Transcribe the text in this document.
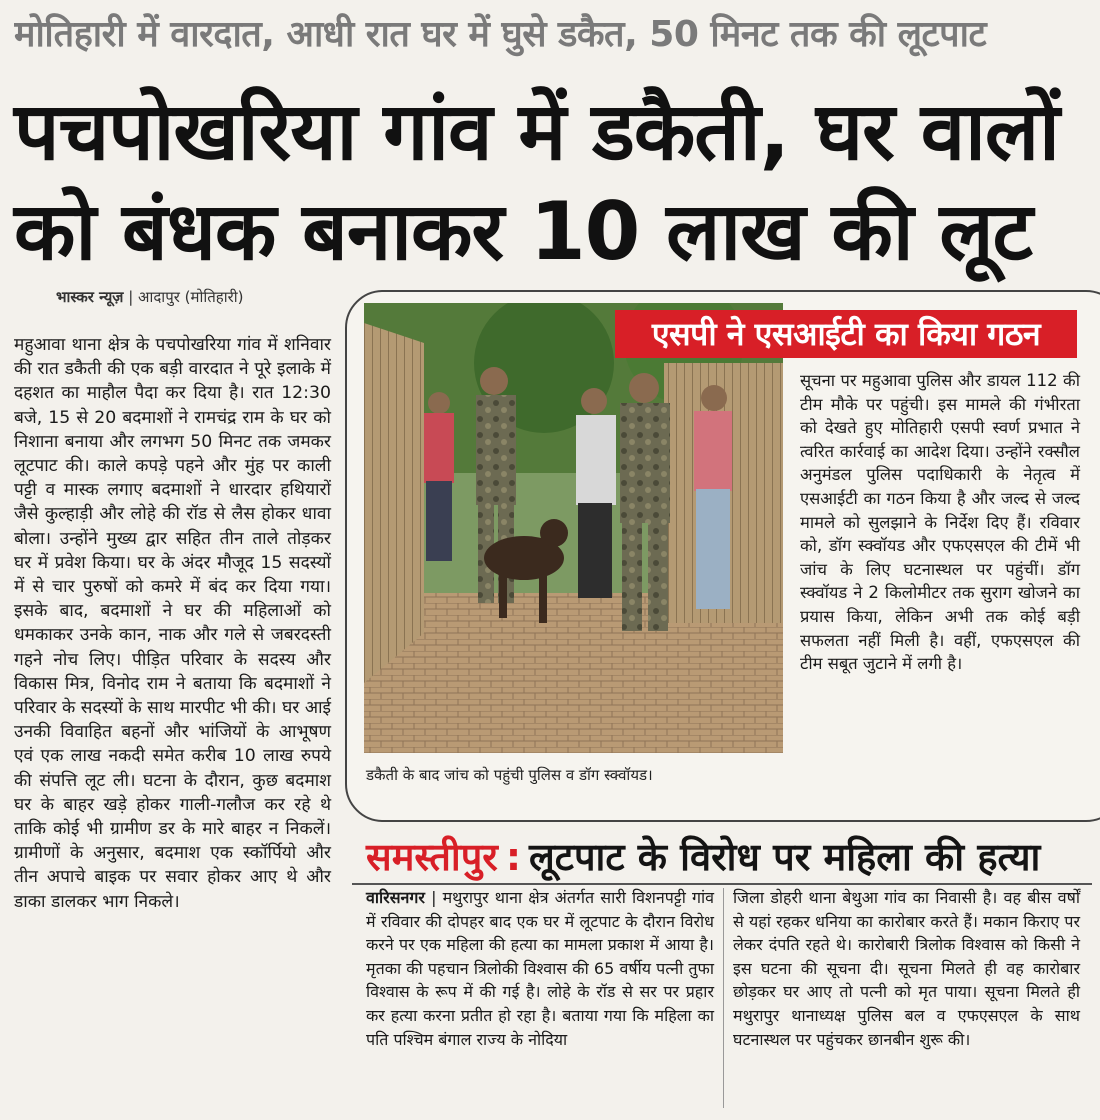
मोतिहारी में वारदात, आधी रात घर में घुसे डकैत, 50 मिनट तक की लूटपाट
पचपोखरिया गांव में डकैती, घर वालों को बंधक बनाकर 10 लाख की लूट
भास्कर न्यूज़ | आदापुर (मोतिहारी)
महुआवा थाना क्षेत्र के पचपोखरिया गांव में शनिवार की रात डकैती की एक बड़ी वारदात ने पूरे इलाके में दहशत का माहौल पैदा कर दिया है। रात 12:30 बजे, 15 से 20 बदमाशों ने रामचंद्र राम के घर को निशाना बनाया और लगभग 50 मिनट तक जमकर लूटपाट की। काले कपड़े पहने और मुंह पर काली पट्टी व मास्क लगाए बदमाशों ने धारदार हथियारों जैसे कुल्हाड़ी और लोहे की रॉड से लैस होकर धावा बोला। उन्होंने मुख्य द्वार सहित तीन ताले तोड़कर घर में प्रवेश किया। घर के अंदर मौजूद 15 सदस्यों में से चार पुरुषों को कमरे में बंद कर दिया गया। इसके बाद, बदमाशों ने घर की महिलाओं को धमकाकर उनके कान, नाक और गले से जबरदस्ती गहने नोच लिए। पीड़ित परिवार के सदस्य और विकास मित्र, विनोद राम ने बताया कि बदमाशों ने परिवार के सदस्यों के साथ मारपीट भी की। घर आई उनकी विवाहित बहनों और भांजियों के आभूषण एवं एक लाख नकदी समेत करीब 10 लाख रुपये की संपत्ति लूट ली। घटना के दौरान, कुछ बदमाश घर के बाहर खड़े होकर गाली-गलौज कर रहे थे ताकि कोई भी ग्रामीण डर के मारे बाहर न निकलें। ग्रामीणों के अनुसार, बदमाश एक स्कॉर्पियो और तीन अपाचे बाइक पर सवार होकर आए थे और डाका डालकर भाग निकले।
डकैती के बाद जांच को पहुंची पुलिस व डॉग स्क्वॉयड।
एसपी ने एसआईटी का किया गठन
सूचना पर महुआवा पुलिस और डायल 112 की टीम मौके पर पहुंची। इस मामले की गंभीरता को देखते हुए मोतिहारी एसपी स्वर्ण प्रभात ने त्वरित कार्रवाई का आदेश दिया। उन्होंने रक्सौल अनुमंडल पुलिस पदाधिकारी के नेतृत्व में एसआईटी का गठन किया है और जल्द से जल्द मामले को सुलझाने के निर्देश दिए हैं। रविवार को, डॉग स्क्वॉयड और एफएसएल की टीमें भी जांच के लिए घटनास्थल पर पहुंचीं। डॉग स्क्वॉयड ने 2 किलोमीटर तक सुराग खोजने का प्रयास किया, लेकिन अभी तक कोई बड़ी सफलता नहीं मिली है। वहीं, एफएसएल की टीम सबूत जुटाने में लगी है।
समस्तीपुर : लूटपाट के विरोध पर महिला की हत्या
वारिसनगर | मथुरापुर थाना क्षेत्र अंतर्गत सारी विशनपट्टी गांव में रविवार की दोपहर बाद एक घर में लूटपाट के दौरान विरोध करने पर एक महिला की हत्या का मामला प्रकाश में आया है। मृतका की पहचान त्रिलोकी विश्वास की 65 वर्षीय पत्नी तुफा विश्वास के रूप में की गई है। लोहे के रॉड से सर पर प्रहार कर हत्या करना प्रतीत हो रहा है। बताया गया कि महिला का पति पश्चिम बंगाल राज्य के नोदिया
जिला डोहरी थाना बेथुआ गांव का निवासी है। वह बीस वर्षों से यहां रहकर धनिया का कारोबार करते हैं। मकान किराए पर लेकर दंपति रहते थे। कारोबारी त्रिलोक विश्वास को किसी ने इस घटना की सूचना दी। सूचना मिलते ही वह कारोबार छोड़कर घर आए तो पत्नी को मृत पाया। सूचना मिलते ही मथुरापुर थानाध्यक्ष पुलिस बल व एफएसएल के साथ घटनास्थल पर पहुंचकर छानबीन शुरू की।
